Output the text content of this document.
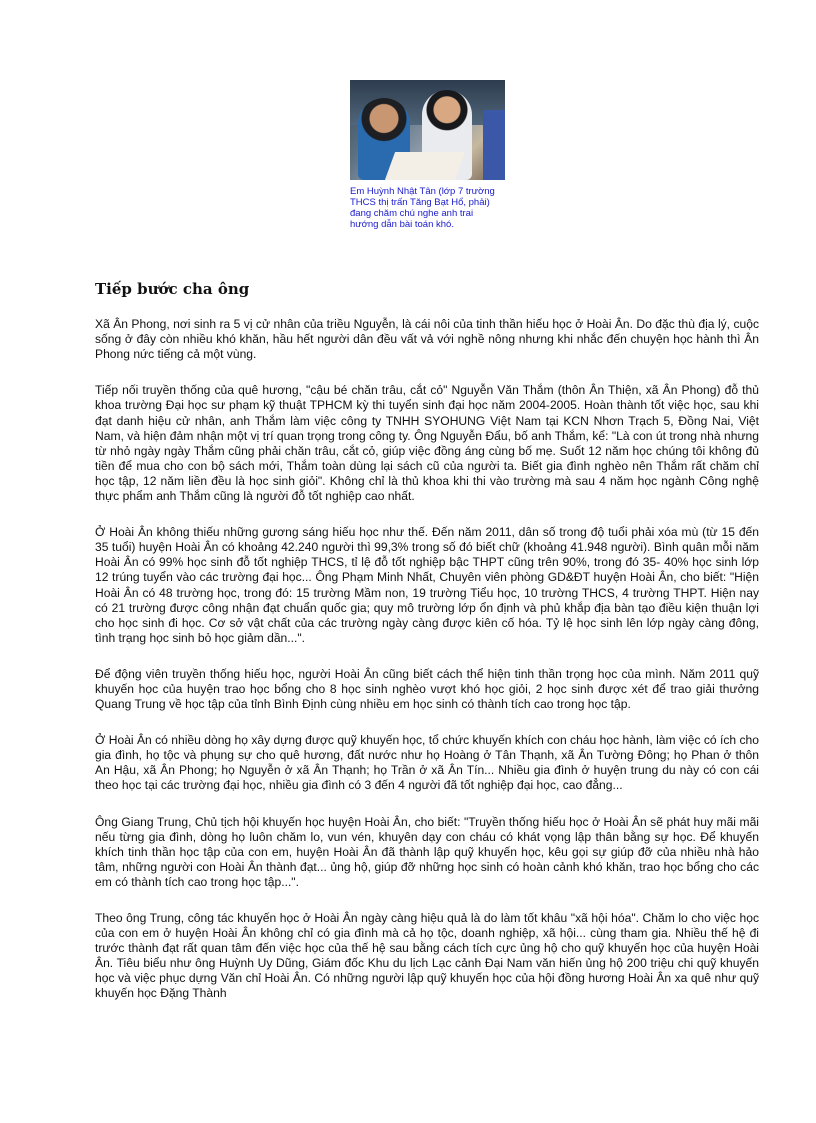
Em Huỳnh Nhật Tân (lớp 7 trường THCS thị trấn Tăng Bạt Hổ, phải) đang chăm chú nghe anh trai hướng dẫn bài toán khó.
Tiếp bước cha ông

Xã Ân Phong, nơi sinh ra 5 vị cử nhân của triều Nguyễn, là cái nôi của tinh thần hiếu học ở Hoài Ân. Do đặc thù địa lý, cuộc sống ở đây còn nhiều khó khăn, hầu hết người dân đều vất vả với nghề nông nhưng khi nhắc đến chuyện học hành thì Ân Phong nức tiếng cả một vùng.

Tiếp nối truyền thống của quê hương, "cậu bé chăn trâu, cắt cỏ" Nguyễn Văn Thắm (thôn Ân Thiện, xã Ân Phong) đỗ thủ khoa trường Đại học sư phạm kỹ thuật TPHCM kỳ thi tuyển sinh đại học năm 2004-2005. Hoàn thành tốt việc học, sau khi đạt danh hiệu cử nhân, anh Thắm làm việc công ty TNHH SYOHUNG Việt Nam tại KCN Nhơn Trạch 5, Đồng Nai, Việt Nam, và hiện đảm nhận một vị trí quan trọng trong công ty. Ông Nguyễn Đẩu, bố anh Thắm, kể: "Là con út trong nhà nhưng từ nhỏ ngày ngày Thắm cũng phải chăn trâu, cắt cỏ, giúp việc đồng áng cùng bố mẹ. Suốt 12 năm học chúng tôi không đủ tiền để mua cho con bộ sách mới, Thắm toàn dùng lại sách cũ của người ta. Biết gia đình nghèo nên Thắm rất chăm chỉ học tập, 12 năm liền đều là học sinh giỏi". Không chỉ là thủ khoa khi thi vào trường mà sau 4 năm học ngành Công nghệ thực phẩm anh Thắm cũng là người đỗ tốt nghiệp cao nhất.

Ở Hoài Ân không thiếu những gương sáng hiếu học như thế. Đến năm 2011, dân số trong độ tuổi phải xóa mù (từ 15 đến 35 tuổi) huyện Hoài Ân có khoảng 42.240 người thì 99,3% trong số đó biết chữ (khoảng 41.948 người). Bình quân mỗi năm Hoài Ân có 99% học sinh đỗ tốt nghiệp THCS, tỉ lệ đỗ tốt nghiệp bậc THPT cũng trên 90%, trong đó 35- 40% học sinh lớp 12 trúng tuyển vào các trường đại học... Ông Phạm Minh Nhất, Chuyên viên phòng GD&ĐT huyện Hoài Ân, cho biết: "Hiện Hoài Ân có 48 trường học, trong đó: 15 trường Mầm non, 19 trường Tiểu học, 10 trường THCS, 4 trường THPT. Hiện nay có 21 trường được công nhận đạt chuẩn quốc gia; quy mô trường lớp ổn định và phủ khắp địa bàn tạo điều kiện thuận lợi cho học sinh đi học. Cơ sở vật chất của các trường ngày càng được kiên cố hóa. Tỷ lệ học sinh lên lớp ngày càng đông, tình trạng học sinh bỏ học giảm dần...".

Để động viên truyền thống hiếu học, người Hoài Ân cũng biết cách thể hiện tinh thần trọng học của mình. Năm 2011 quỹ khuyến học của huyện trao học bổng cho 8 học sinh nghèo vượt khó học giỏi, 2 học sinh được xét để trao giải thưởng Quang Trung về học tập của tỉnh Bình Định cùng nhiều em học sinh có thành tích cao trong học tập.

Ở Hoài Ân có nhiều dòng họ xây dựng được quỹ khuyến học, tổ chức khuyến khích con cháu học hành, làm việc có ích cho gia đình, họ tộc và phụng sự cho quê hương, đất nước như họ Hoàng ở Tân Thạnh, xã Ân Tường Đông; họ Phan ở thôn An Hậu, xã Ân Phong; họ Nguyễn ở xã Ân Thạnh; họ Trần ở xã Ân Tín... Nhiều gia đình ở huyện trung du này có con cái theo học tại các trường đại học, nhiều gia đình có 3 đến 4 người đã tốt nghiệp đại học, cao đẳng...

Ông Giang Trung, Chủ tịch hội khuyến học huyện Hoài Ân, cho biết: "Truyền thống hiếu học ở Hoài Ân sẽ phát huy mãi mãi nếu từng gia đình, dòng họ luôn chăm lo, vun vén, khuyên dạy con cháu có khát vọng lập thân bằng sự học. Để khuyến khích tinh thần học tập của con em, huyện Hoài Ân đã thành lập quỹ khuyến học, kêu gọi sự giúp đỡ của nhiều nhà hảo tâm, những người con Hoài Ân thành đạt... ủng hộ, giúp đỡ những học sinh có hoàn cảnh khó khăn, trao học bổng cho các em có thành tích cao trong học tập...".

Theo ông Trung, công tác khuyến học ở Hoài Ân ngày càng hiệu quả là do làm tốt khâu "xã hội hóa". Chăm lo cho việc học của con em ở huyện Hoài Ân không chỉ có gia đình mà cả họ tộc, doanh nghiệp, xã hội... cùng tham gia. Nhiều thế hệ đi trước thành đạt rất quan tâm đến việc học của thế hệ sau bằng cách tích cực ủng hộ cho quỹ khuyến học của huyện Hoài Ân. Tiêu biểu như ông Huỳnh Uy Dũng, Giám đốc Khu du lịch Lạc cảnh Đại Nam văn hiến ủng hộ 200 triệu chi quỹ khuyến học và việc phục dựng Văn chỉ Hoài Ân. Có những người lập quỹ khuyến học của hội đồng hương Hoài Ân xa quê như quỹ khuyến học Đặng Thành
